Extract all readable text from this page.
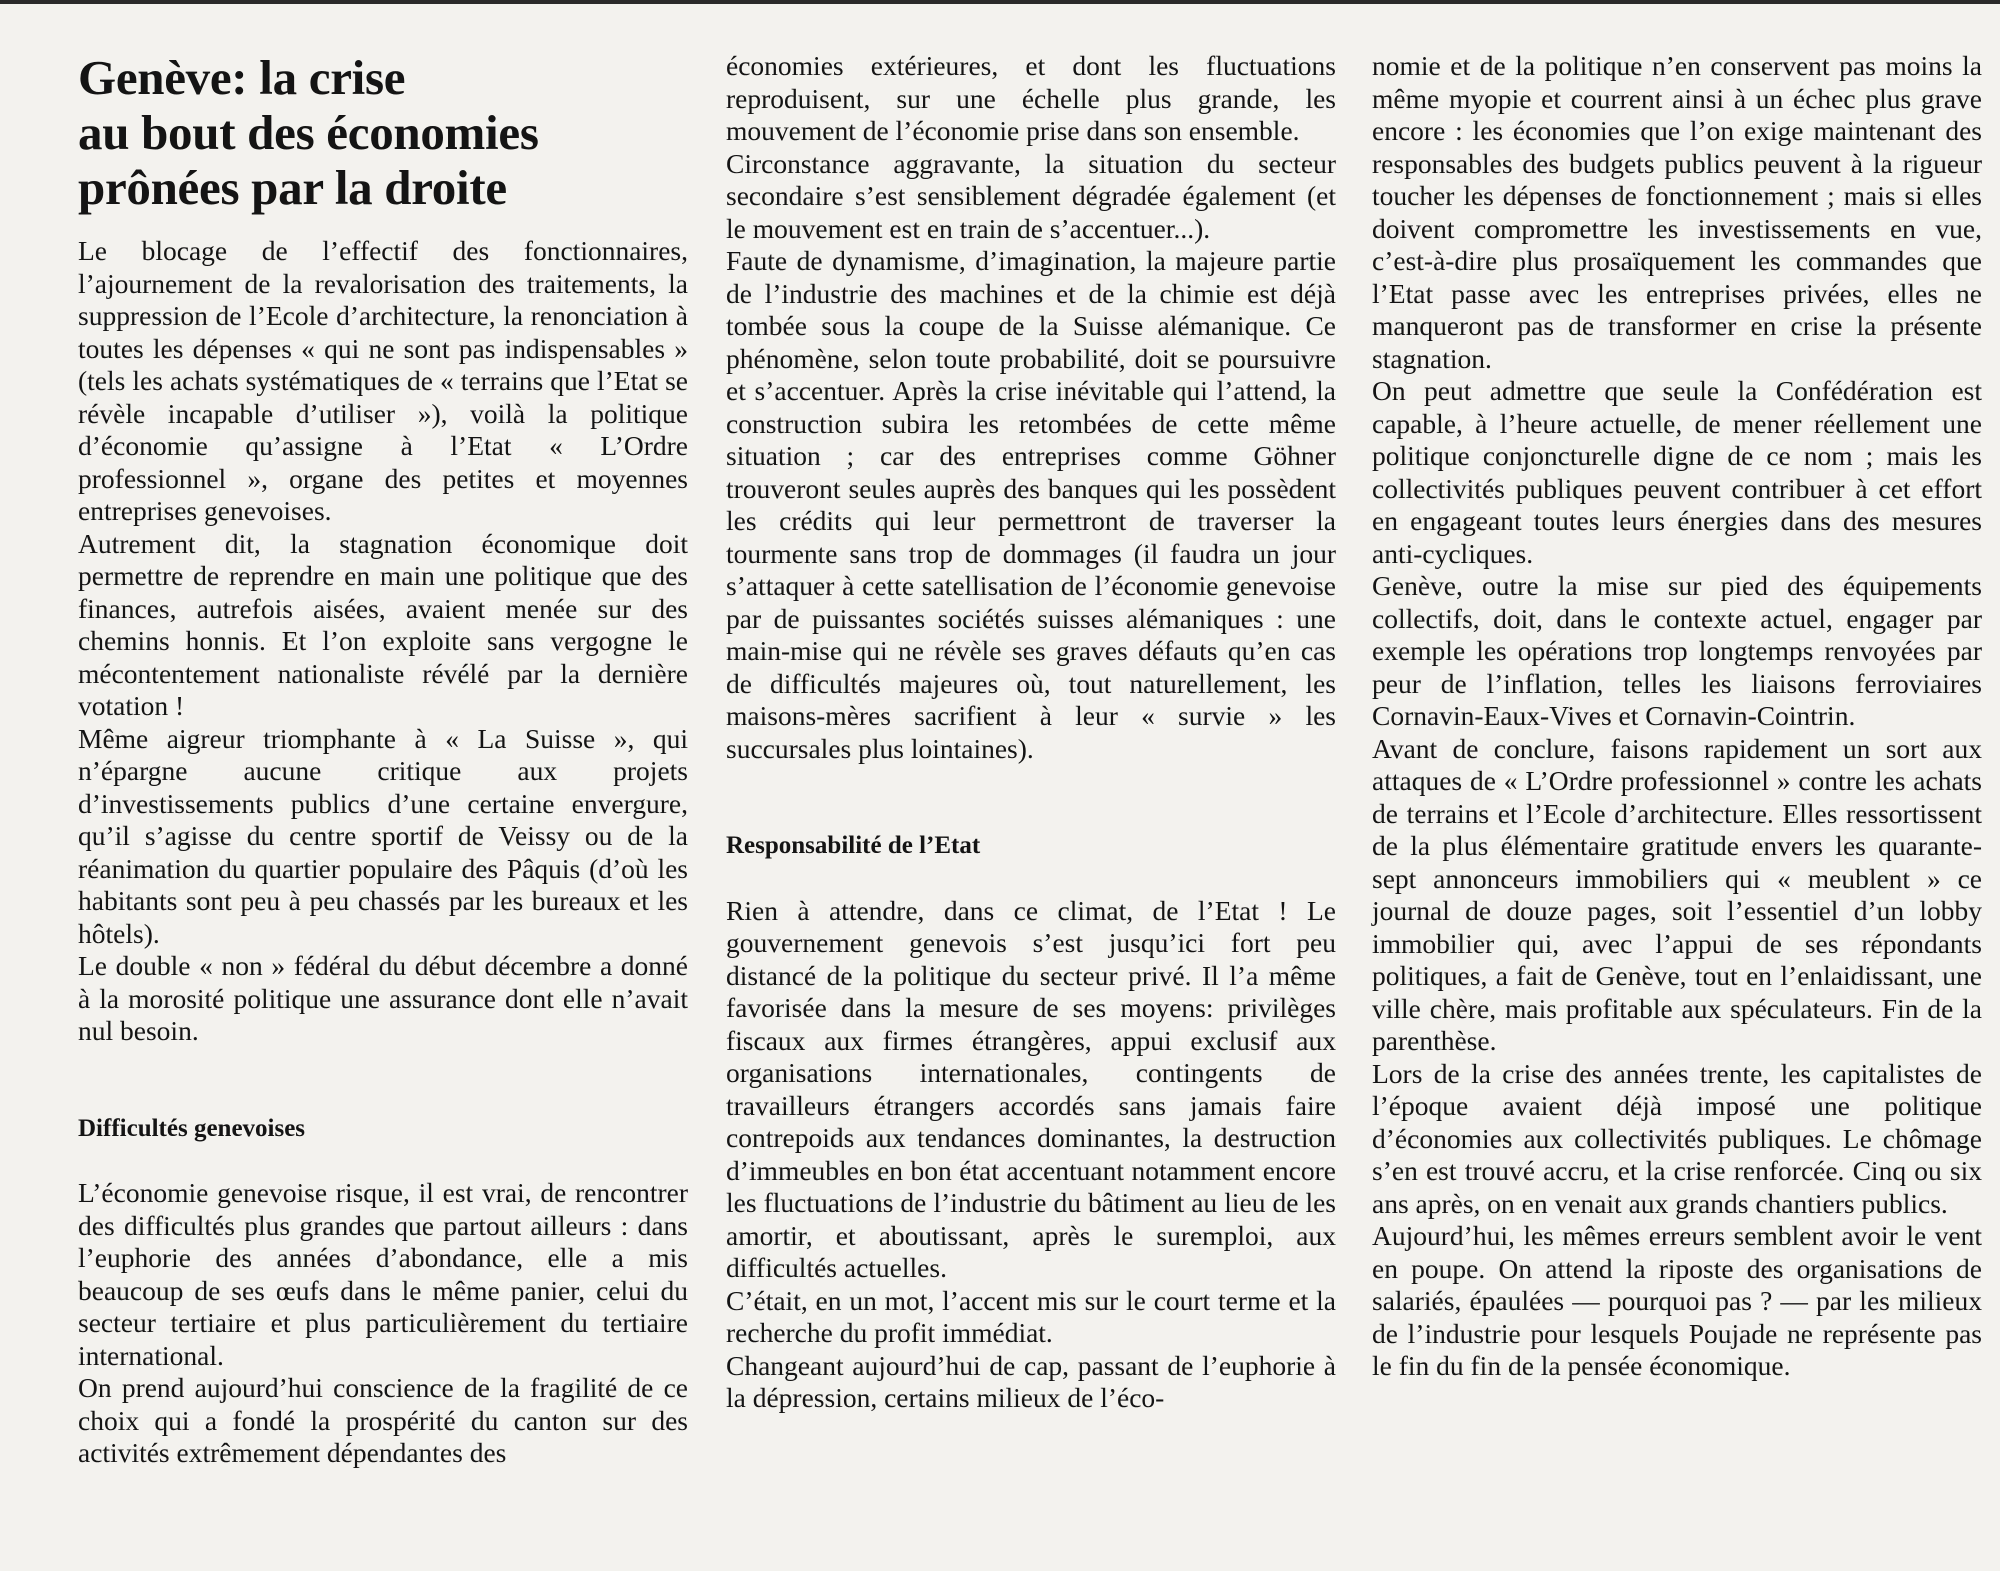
Genève: la crise
au bout des économies
prônées par la droite

Le blocage de l’effectif des fonctionnaires, l’ajournement de la revalorisation des traitements, la suppression de l’Ecole d’architecture, la renonciation à toutes les dépenses « qui ne sont pas indispensables » (tels les achats systématiques de « terrains que l’Etat se révèle incapable d’utiliser »), voilà la politique d’économie qu’assigne à l’Etat « L’Ordre professionnel », organe des petites et moyennes entreprises genevoises.

Autrement dit, la stagnation économique doit permettre de reprendre en main une politique que des finances, autrefois aisées, avaient menée sur des chemins honnis. Et l’on exploite sans vergogne le mécontentement nationaliste révélé par la dernière votation !

Même aigreur triomphante à « La Suisse », qui n’épargne aucune critique aux projets d’investissements publics d’une certaine envergure, qu’il s’agisse du centre sportif de Veissy ou de la réanimation du quartier populaire des Pâquis (d’où les habitants sont peu à peu chassés par les bureaux et les hôtels).

Le double « non » fédéral du début décembre a donné à la morosité politique une assurance dont elle n’avait nul besoin.

Difficultés genevoises

L’économie genevoise risque, il est vrai, de rencontrer des difficultés plus grandes que partout ailleurs : dans l’euphorie des années d’abondance, elle a mis beaucoup de ses œufs dans le même panier, celui du secteur tertiaire et plus particulièrement du tertiaire international.

On prend aujourd’hui conscience de la fragilité de ce choix qui a fondé la prospérité du canton sur des activités extrêmement dépendantes des

économies extérieures, et dont les fluctuations reproduisent, sur une échelle plus grande, les mouvement de l’économie prise dans son ensemble.

Circonstance aggravante, la situation du secteur secondaire s’est sensiblement dégradée également (et le mouvement est en train de s’accentuer...).

Faute de dynamisme, d’imagination, la majeure partie de l’industrie des machines et de la chimie est déjà tombée sous la coupe de la Suisse alémanique. Ce phénomène, selon toute probabilité, doit se poursuivre et s’accentuer. Après la crise inévitable qui l’attend, la construction subira les retombées de cette même situation ; car des entreprises comme Göhner trouveront seules auprès des banques qui les possèdent les crédits qui leur permettront de traverser la tourmente sans trop de dommages (il faudra un jour s’attaquer à cette satellisation de l’économie genevoise par de puissantes sociétés suisses alémaniques : une main-mise qui ne révèle ses graves défauts qu’en cas de difficultés majeures où, tout naturellement, les maisons-mères sacrifient à leur « survie » les succursales plus lointaines).

Responsabilité de l’Etat

Rien à attendre, dans ce climat, de l’Etat ! Le gouvernement genevois s’est jusqu’ici fort peu distancé de la politique du secteur privé. Il l’a même favorisée dans la mesure de ses moyens: privilèges fiscaux aux firmes étrangères, appui exclusif aux organisations internationales, contingents de travailleurs étrangers accordés sans jamais faire contrepoids aux tendances dominantes, la destruction d’immeubles en bon état accentuant notamment encore les fluctuations de l’industrie du bâtiment au lieu de les amortir, et aboutissant, après le suremploi, aux difficultés actuelles.

C’était, en un mot, l’accent mis sur le court terme et la recherche du profit immédiat.

Changeant aujourd’hui de cap, passant de l’euphorie à la dépression, certains milieux de l’éco-

nomie et de la politique n’en conservent pas moins la même myopie et courrent ainsi à un échec plus grave encore : les économies que l’on exige maintenant des responsables des budgets publics peuvent à la rigueur toucher les dépenses de fonctionnement ; mais si elles doivent compromettre les investissements en vue, c’est-à-dire plus prosaïquement les commandes que l’Etat passe avec les entreprises privées, elles ne manqueront pas de transformer en crise la présente stagnation.

On peut admettre que seule la Confédération est capable, à l’heure actuelle, de mener réellement une politique conjoncturelle digne de ce nom ; mais les collectivités publiques peuvent contribuer à cet effort en engageant toutes leurs énergies dans des mesures anti-cycliques.

Genève, outre la mise sur pied des équipements collectifs, doit, dans le contexte actuel, engager par exemple les opérations trop longtemps renvoyées par peur de l’inflation, telles les liaisons ferroviaires Cornavin-Eaux-Vives et Cornavin-Cointrin.

Avant de conclure, faisons rapidement un sort aux attaques de « L’Ordre professionnel » contre les achats de terrains et l’Ecole d’architecture. Elles ressortissent de la plus élémentaire gratitude envers les quarante-sept annonceurs immobiliers qui « meublent » ce journal de douze pages, soit l’essentiel d’un lobby immobilier qui, avec l’appui de ses répondants politiques, a fait de Genève, tout en l’enlaidissant, une ville chère, mais profitable aux spéculateurs. Fin de la parenthèse.

Lors de la crise des années trente, les capitalistes de l’époque avaient déjà imposé une politique d’économies aux collectivités publiques. Le chômage s’en est trouvé accru, et la crise renforcée. Cinq ou six ans après, on en venait aux grands chantiers publics.

Aujourd’hui, les mêmes erreurs semblent avoir le vent en poupe. On attend la riposte des organisations de salariés, épaulées — pourquoi pas ? — par les milieux de l’industrie pour lesquels Poujade ne représente pas le fin du fin de la pensée économique.
